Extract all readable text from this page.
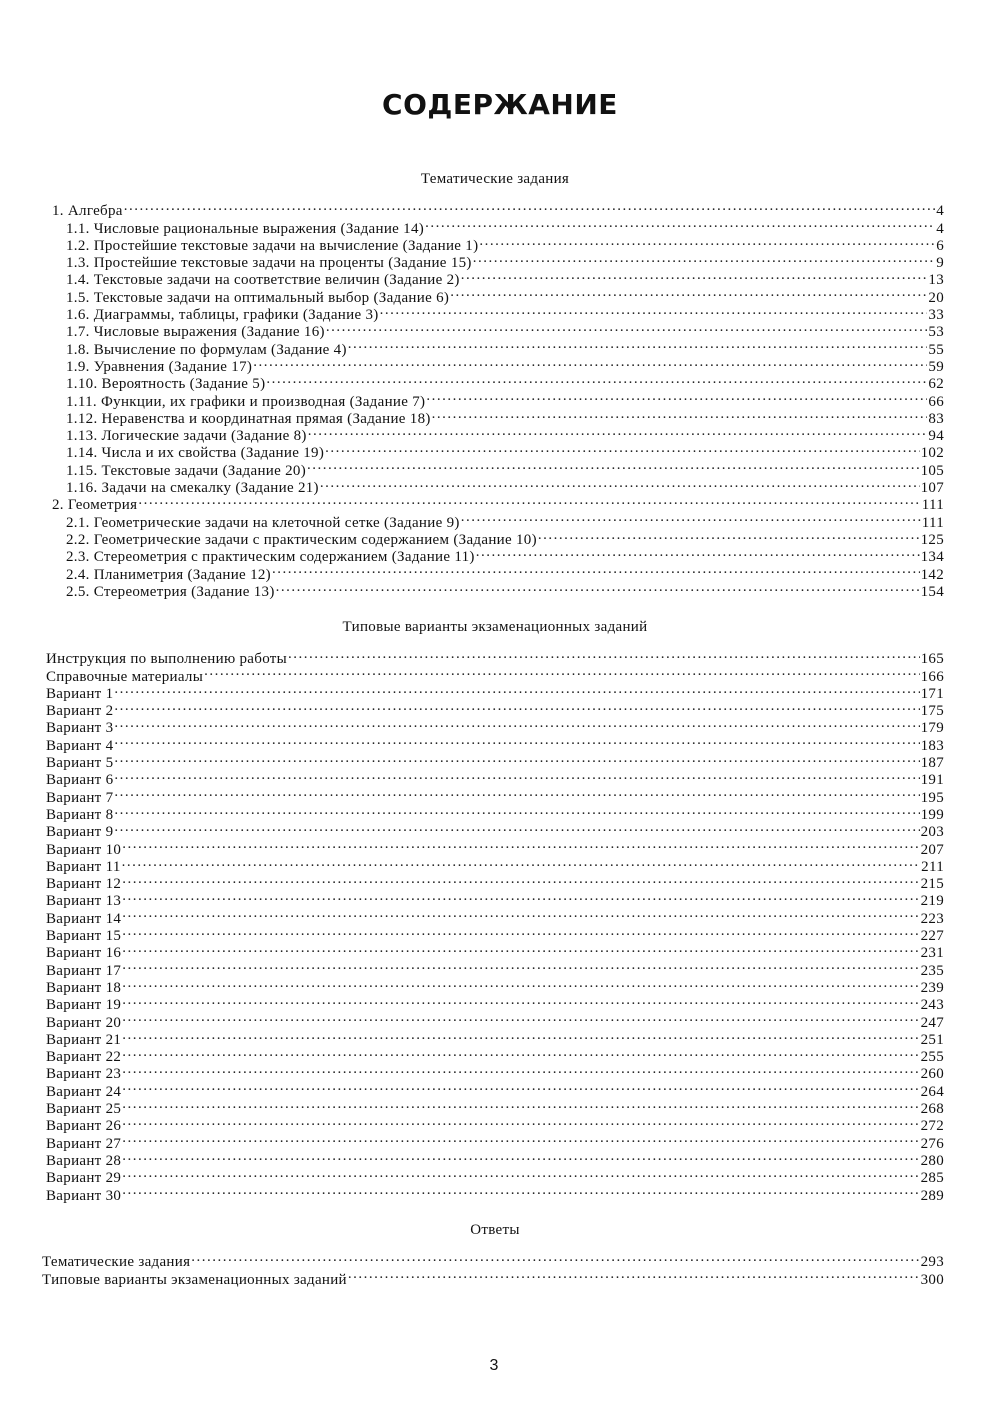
СОДЕРЖАНИЕ
Тематические задания
1. Алгебра .....	4
1.1. Числовые рациональные выражения (Задание 14) .....	4
1.2. Простейшие текстовые задачи на вычисление (Задание 1) .....	6
1.3. Простейшие текстовые задачи на проценты (Задание 15) .....	9
1.4. Текстовые задачи на соответствие величин (Задание 2) .....	13
1.5. Текстовые задачи на оптимальный выбор (Задание 6) .....	20
1.6. Диаграммы, таблицы, графики (Задание 3) .....	33
1.7. Числовые выражения (Задание 16) .....	53
1.8. Вычисление по формулам (Задание 4) .....	55
1.9. Уравнения (Задание 17) .....	59
1.10. Вероятность (Задание 5) .....	62
1.11. Функции, их графики и производная (Задание 7) .....	66
1.12. Неравенства и координатная прямая (Задание 18) .....	83
1.13. Логические задачи (Задание 8) .....	94
1.14. Числа и их свойства (Задание 19) .....	102
1.15. Текстовые задачи (Задание 20) .....	105
1.16. Задачи на смекалку (Задание 21) .....	107
2. Геометрия .....	111
2.1. Геометрические задачи на клеточной сетке (Задание 9) .....	111
2.2. Геометрические задачи с практическим содержанием (Задание 10) .....	125
2.3. Стереометрия с практическим содержанием (Задание 11) .....	134
2.4. Планиметрия (Задание 12) .....	142
2.5. Стереометрия (Задание 13) .....	154
Типовые варианты экзаменационных заданий
Инструкция по выполнению работы .....	165
Справочные материалы .....	166
Вариант 1 .....	171
Вариант 2 .....	175
Вариант 3 .....	179
Вариант 4 .....	183
Вариант 5 .....	187
Вариант 6 .....	191
Вариант 7 .....	195
Вариант 8 .....	199
Вариант 9 .....	203
Вариант 10 .....	207
Вариант 11 .....	211
Вариант 12 .....	215
Вариант 13 .....	219
Вариант 14 .....	223
Вариант 15 .....	227
Вариант 16 .....	231
Вариант 17 .....	235
Вариант 18 .....	239
Вариант 19 .....	243
Вариант 20 .....	247
Вариант 21 .....	251
Вариант 22 .....	255
Вариант 23 .....	260
Вариант 24 .....	264
Вариант 25 .....	268
Вариант 26 .....	272
Вариант 27 .....	276
Вариант 28 .....	280
Вариант 29 .....	285
Вариант 30 .....	289
Ответы
Тематические задания .....	293
Типовые варианты экзаменационных заданий .....	300
3
